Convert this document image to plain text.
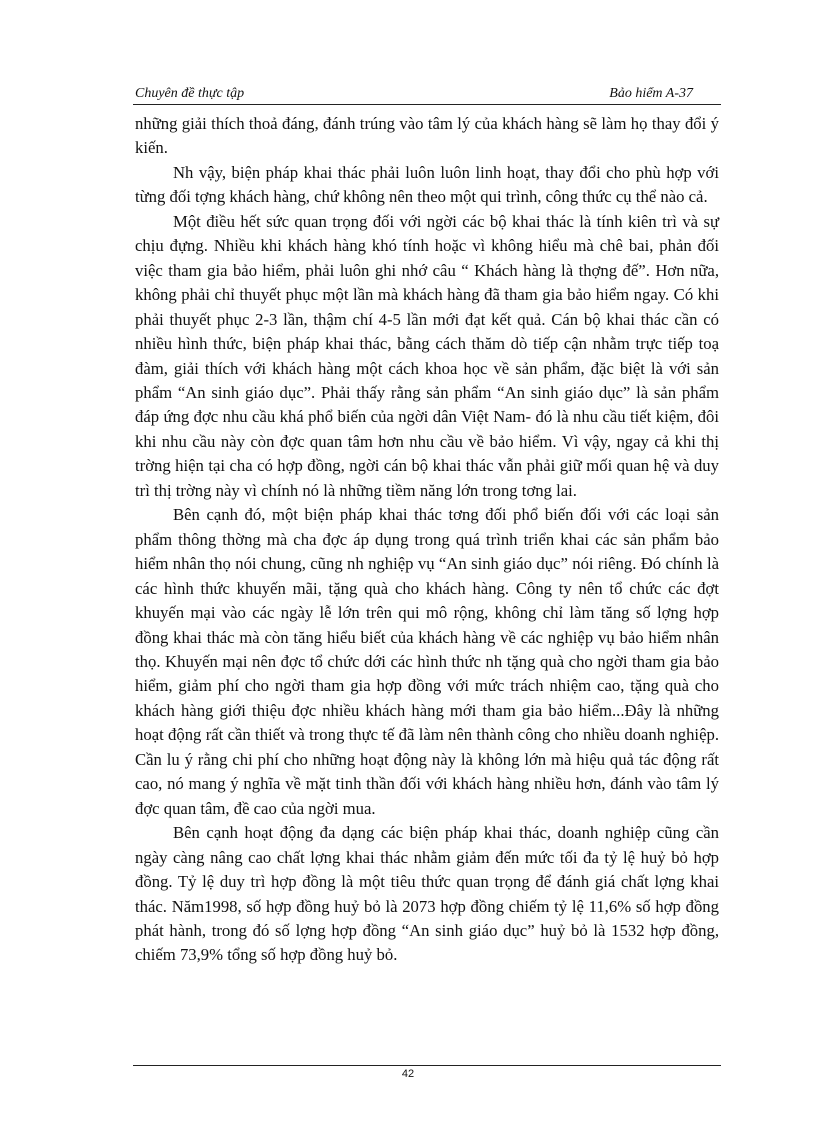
Chuyên đề thực tập	Bảo hiểm A-37

những giải thích thoả đáng, đánh trúng vào tâm lý của khách hàng sẽ làm họ thay đổi ý kiến.

Nh vậy, biện pháp khai thác phải luôn luôn linh hoạt, thay đổi cho phù hợp với từng đối tợng khách hàng, chứ không nên theo một qui trình, công thức cụ thể nào cả.

Một điều hết sức quan trọng đối với ngời các bộ khai thác là tính kiên trì và sự chịu đựng. Nhiều khi khách hàng khó tính hoặc vì không hiểu mà chê bai, phản đối việc tham gia bảo hiểm, phải luôn ghi nhớ câu “ Khách hàng là thợng đế”. Hơn nữa, không phải chỉ thuyết phục một lần mà khách hàng đã tham gia bảo hiểm ngay. Có khi phải thuyết phục 2-3 lần, thậm chí 4-5 lần mới đạt kết quả. Cán bộ khai thác cần có nhiều hình thức, biện pháp khai thác, bằng cách thăm dò tiếp cận nhằm trực tiếp toạ đàm, giải thích với khách hàng một cách khoa học về sản phẩm, đặc biệt là với sản phẩm “An sinh giáo dục”. Phải thấy rằng sản phẩm “An sinh giáo dục” là sản phẩm đáp ứng đợc nhu cầu khá phổ biến của ngời dân Việt Nam- đó là nhu cầu tiết kiệm, đôi khi nhu cầu này còn đợc quan tâm hơn nhu cầu về bảo hiểm. Vì vậy, ngay cả khi thị trờng hiện tại cha có hợp đồng, ngời cán bộ khai thác vẫn phải giữ mối quan hệ và duy trì thị trờng này vì chính nó là những tiềm năng lớn trong tơng lai.

Bên cạnh đó, một biện pháp khai thác tơng đối phổ biến đối với các loại sản phẩm thông thờng mà cha đợc áp dụng trong quá trình triển khai các sản phẩm bảo hiểm nhân thọ nói chung, cũng nh nghiệp vụ “An sinh giáo dục” nói riêng. Đó chính là các hình thức khuyến mãi, tặng quà cho khách hàng. Công ty nên tổ chức các đợt khuyến mại vào các ngày lễ lớn trên qui mô rộng, không chỉ làm tăng số lợng hợp đồng khai thác mà còn tăng hiểu biết của khách hàng về các nghiệp vụ bảo hiểm nhân thọ. Khuyến mại nên đợc tổ chức dới các hình thức nh tặng quà cho ngời tham gia bảo hiểm, giảm phí cho ngời tham gia hợp đồng với mức trách nhiệm cao, tặng quà cho khách hàng giới thiệu đợc nhiều khách hàng mới tham gia bảo hiểm...Đây là những hoạt động rất cần thiết và trong thực tế đã làm nên thành công cho nhiều doanh nghiệp. Cần lu ý rằng chi phí cho những hoạt động này là không lớn mà hiệu quả tác động rất cao, nó mang ý nghĩa về mặt tinh thần đối với khách hàng nhiều hơn, đánh vào tâm lý đợc quan tâm, đề cao của ngời mua.

Bên cạnh hoạt động đa dạng các biện pháp khai thác, doanh nghiệp cũng cần ngày càng nâng cao chất lợng khai thác nhằm giảm đến mức tối đa tỷ lệ huỷ bỏ hợp đồng. Tỷ lệ duy trì hợp đồng là một tiêu thức quan trọng để đánh giá chất lợng khai thác. Năm1998, số hợp đồng huỷ bỏ là 2073 hợp đồng chiếm tỷ lệ 11,6% số hợp đồng phát hành, trong đó số lợng hợp đồng “An sinh giáo dục” huỷ bỏ là 1532 hợp đồng, chiếm 73,9% tổng số hợp đồng huỷ bỏ.

42
